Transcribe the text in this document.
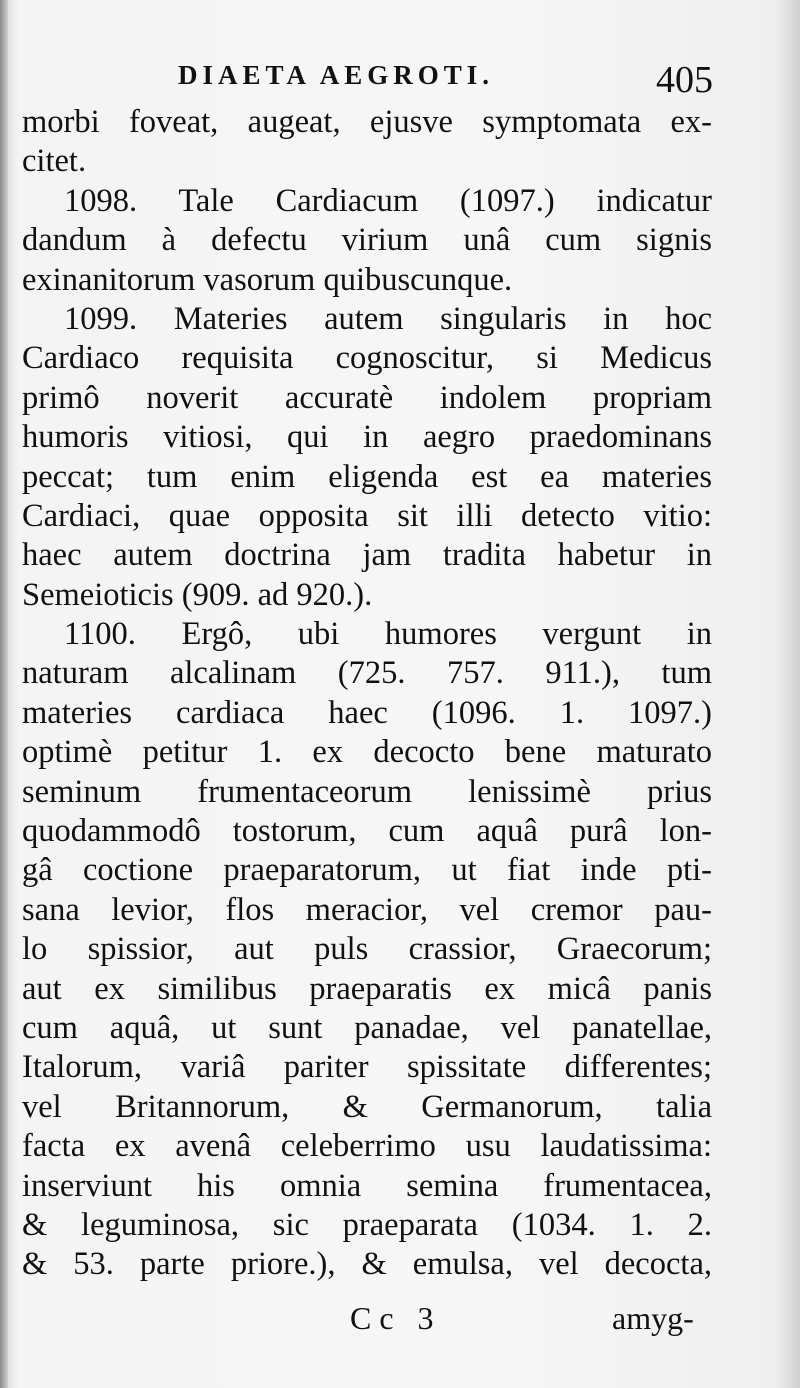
DIAETA AEGROTI.	405
morbi foveat, augeat, ejusve symptomata ex-
citet.
1098. Tale Cardiacum (1097.) indicatur
dandum à defectu virium unâ cum signis
exinanitorum vasorum quibuscunque.
1099. Materies autem singularis in hoc
Cardiaco requisita cognoscitur, si Medicus
primô noverit accuratè indolem propriam
humoris vitiosi, qui in aegro praedominans
peccat; tum enim eligenda est ea materies
Cardiaci, quae opposita sit illi detecto vitio:
haec autem doctrina jam tradita habetur in
Semeioticis (909. ad 920.).
1100. Ergô, ubi humores vergunt in
naturam alcalinam (725. 757. 911.), tum
materies cardiaca haec (1096. 1. 1097.)
optimè petitur 1. ex decocto bene maturato
seminum frumentaceorum lenissimè prius
quodammodô tostorum, cum aquâ purâ lon-
gâ coctione praeparatorum, ut fiat inde pti-
sana levior, flos meracior, vel cremor pau-
lo spissior, aut puls crassior, Graecorum;
aut ex similibus praeparatis ex micâ panis
cum aquâ, ut sunt panadae, vel panatellae,
Italorum, variâ pariter spissitate differentes;
vel Britannorum, & Germanorum, talia
facta ex avenâ celeberrimo usu laudatissima:
inserviunt his omnia semina frumentacea,
& leguminosa, sic praeparata (1034. 1. 2.
& 53. parte priore.), & emulsa, vel decocta,
Cc 3	amyg-
